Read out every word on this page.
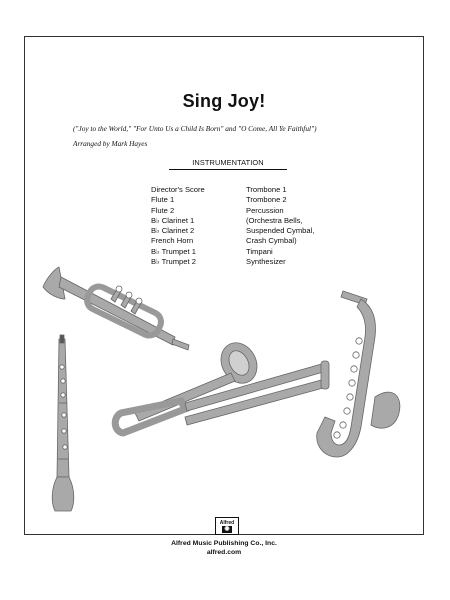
Sing Joy!
("Joy to the World," "For Unto Us a Child Is Born" and "O Come, All Ye Faithful")
Arranged by Mark Hayes
INSTRUMENTATION
Director's Score
Flute 1
Flute 2
B♭ Clarinet 1
B♭ Clarinet 2
French Horn
B♭ Trumpet 1
B♭ Trumpet 2
Trombone 1
Trombone 2
Percussion
(Orchestra Bells,
Suspended Cymbal,
Crash Cymbal)
Timpani
Synthesizer
Alfred
◉
Alfred Music Publishing Co., Inc.
alfred.com
